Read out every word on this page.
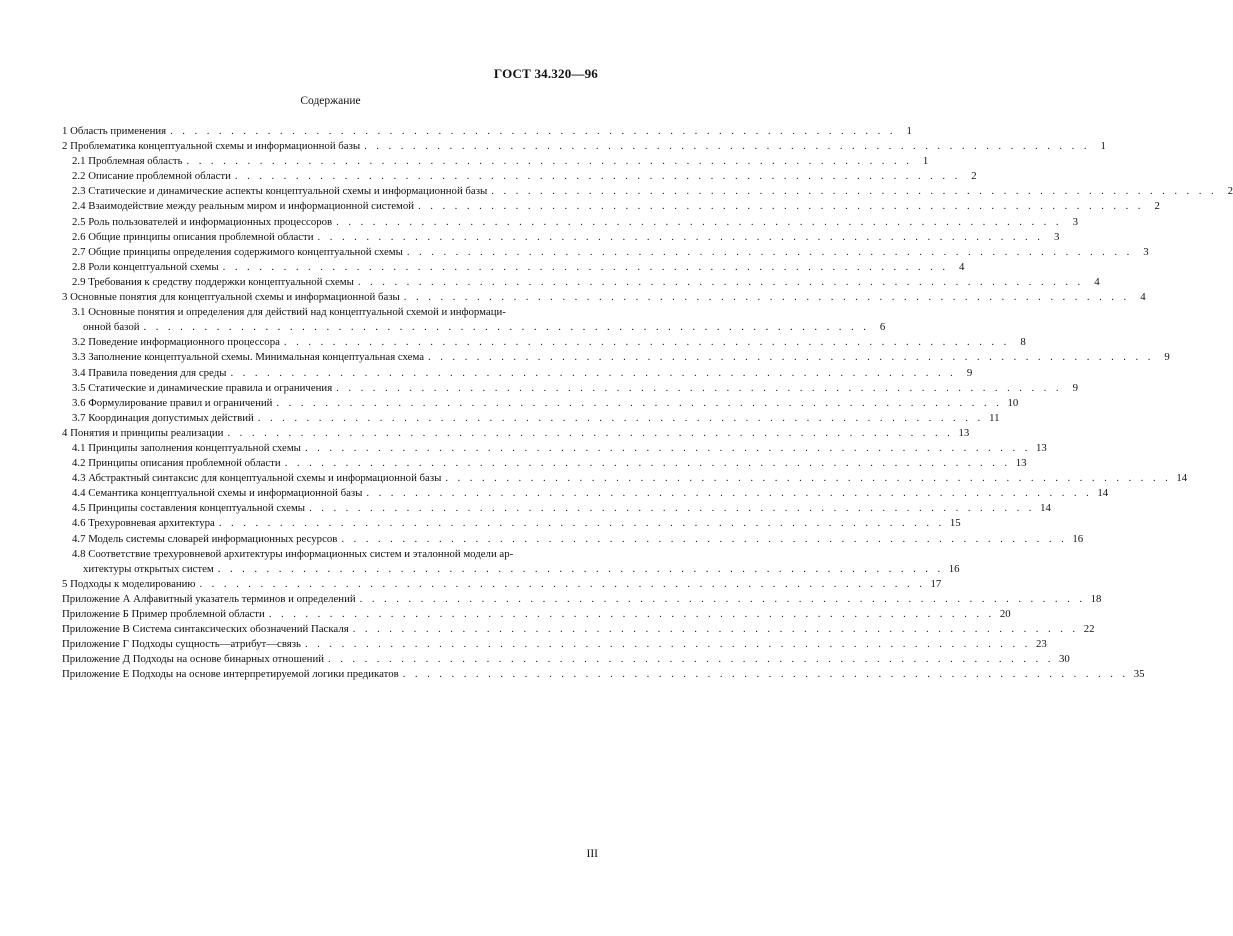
ГОСТ 34.320—96
Содержание
1 Область применения . . . . . . . . . . . . . . . . . . . . . . . . . . . . . . . . . . . . . . . . . . . . . . . . . . . . . . . . . . . . 1
2 Проблематика концептуальной схемы и информационной базы . . . . . . . . . . . . . . . . . . . . . . . . . . . . . . . . . . . . . . . . . . . . . . . . . . . . . . . . . . . . 1
2.1 Проблемная область . . . . . . . . . . . . . . . . . . . . . . . . . . . . . . . . . . . . . . . . . . . . . . . . . . . . . . . . . . . . 1
2.2 Описание проблемной области . . . . . . . . . . . . . . . . . . . . . . . . . . . . . . . . . . . . . . . . . . . . . . . . . . . . . . . . . . . . 2
2.3 Статические и динамические аспекты концептуальной схемы и информационной базы . . . . . . . . . . . . . . . . . . . . . . . . . . . . . . . . . . . . . . . . . . . . . . . . . . . . . . . . . . . . 2
2.4 Взаимодействие между реальным миром и информационной системой . . . . . . . . . . . . . . . . . . . . . . . . . . . . . . . . . . . . . . . . . . . . . . . . . . . . . . . . . . . . 2
2.5 Роль пользователей и информационных процессоров . . . . . . . . . . . . . . . . . . . . . . . . . . . . . . . . . . . . . . . . . . . . . . . . . . . . . . . . . . . . 3
2.6 Общие принципы описания проблемной области . . . . . . . . . . . . . . . . . . . . . . . . . . . . . . . . . . . . . . . . . . . . . . . . . . . . . . . . . . . . 3
2.7 Общие принципы определения содержимого концептуальной схемы . . . . . . . . . . . . . . . . . . . . . . . . . . . . . . . . . . . . . . . . . . . . . . . . . . . . . . . . . . . . 3
2.8 Роли концептуальной схемы . . . . . . . . . . . . . . . . . . . . . . . . . . . . . . . . . . . . . . . . . . . . . . . . . . . . . . . . . . . . 4
2.9 Требования к средству поддержки концептуальной схемы . . . . . . . . . . . . . . . . . . . . . . . . . . . . . . . . . . . . . . . . . . . . . . . . . . . . . . . . . . . . 4
3 Основные понятия для концептуальной схемы и информационной базы . . . . . . . . . . . . . . . . . . . . . . . . . . . . . . . . . . . . . . . . . . . . . . . . . . . . . . . . . . . . 4
3.1 Основные понятия и определения для действий над концептуальной схемой и информаци-
онной базой . . . . . . . . . . . . . . . . . . . . . . . . . . . . . . . . . . . . . . . . . . . . . . . . . . . . . . . . . . . . 6
3.2 Поведение информационного процессора . . . . . . . . . . . . . . . . . . . . . . . . . . . . . . . . . . . . . . . . . . . . . . . . . . . . . . . . . . . . 8
3.3 Заполнение концептуальной схемы. Минимальная концептуальная схема . . . . . . . . . . . . . . . . . . . . . . . . . . . . . . . . . . . . . . . . . . . . . . . . . . . . . . . . . . . . 9
3.4 Правила поведения для среды . . . . . . . . . . . . . . . . . . . . . . . . . . . . . . . . . . . . . . . . . . . . . . . . . . . . . . . . . . . . 9
3.5 Статические и динамические правила и ограничения . . . . . . . . . . . . . . . . . . . . . . . . . . . . . . . . . . . . . . . . . . . . . . . . . . . . . . . . . . . . 9
3.6 Формулирование правил и ограничений . . . . . . . . . . . . . . . . . . . . . . . . . . . . . . . . . . . . . . . . . . . . . . . . . . . . . . . . . . . . 10
3.7 Координация допустимых действий . . . . . . . . . . . . . . . . . . . . . . . . . . . . . . . . . . . . . . . . . . . . . . . . . . . . . . . . . . . . 11
4 Понятия и принципы реализации . . . . . . . . . . . . . . . . . . . . . . . . . . . . . . . . . . . . . . . . . . . . . . . . . . . . . . . . . . . . 13
4.1 Принципы заполнения концептуальной схемы . . . . . . . . . . . . . . . . . . . . . . . . . . . . . . . . . . . . . . . . . . . . . . . . . . . . . . . . . . . . 13
4.2 Принципы описания проблемной области . . . . . . . . . . . . . . . . . . . . . . . . . . . . . . . . . . . . . . . . . . . . . . . . . . . . . . . . . . . . 13
4.3 Абстрактный синтаксис для концептуальной схемы и информационной базы . . . . . . . . . . . . . . . . . . . . . . . . . . . . . . . . . . . . . . . . . . . . . . . . . . . . . . . . . . . . 14
4.4 Семантика концептуальной схемы и информационной базы . . . . . . . . . . . . . . . . . . . . . . . . . . . . . . . . . . . . . . . . . . . . . . . . . . . . . . . . . . . . 14
4.5 Принципы составления концептуальной схемы . . . . . . . . . . . . . . . . . . . . . . . . . . . . . . . . . . . . . . . . . . . . . . . . . . . . . . . . . . . . 14
4.6 Трехуровневая архитектура . . . . . . . . . . . . . . . . . . . . . . . . . . . . . . . . . . . . . . . . . . . . . . . . . . . . . . . . . . . . 15
4.7 Модель системы словарей информационных ресурсов . . . . . . . . . . . . . . . . . . . . . . . . . . . . . . . . . . . . . . . . . . . . . . . . . . . . . . . . . . . . 16
4.8 Соответствие трехуровневой архитектуры информационных систем и эталонной модели ар-
хитектуры открытых систем . . . . . . . . . . . . . . . . . . . . . . . . . . . . . . . . . . . . . . . . . . . . . . . . . . . . . . . . . . . . 16
5 Подходы к моделированию . . . . . . . . . . . . . . . . . . . . . . . . . . . . . . . . . . . . . . . . . . . . . . . . . . . . . . . . . . . . 17
Приложение А Алфавитный указатель терминов и определений . . . . . . . . . . . . . . . . . . . . . . . . . . . . . . . . . . . . . . . . . . . . . . . . . . . . . . . . . . . . 18
Приложение Б Пример проблемной области . . . . . . . . . . . . . . . . . . . . . . . . . . . . . . . . . . . . . . . . . . . . . . . . . . . . . . . . . . . . 20
Приложение В Система синтаксических обозначений Паскаля . . . . . . . . . . . . . . . . . . . . . . . . . . . . . . . . . . . . . . . . . . . . . . . . . . . . . . . . . . . . 22
Приложение Г Подходы сущность—атрибут—связь . . . . . . . . . . . . . . . . . . . . . . . . . . . . . . . . . . . . . . . . . . . . . . . . . . . . . . . . . . . . 23
Приложение Д Подходы на основе бинарных отношений . . . . . . . . . . . . . . . . . . . . . . . . . . . . . . . . . . . . . . . . . . . . . . . . . . . . . . . . . . . . 30
Приложение Е Подходы на основе интерпретируемой логики предикатов . . . . . . . . . . . . . . . . . . . . . . . . . . . . . . . . . . . . . . . . . . . . . . . . . . . . . . . . . . . . 35
III
